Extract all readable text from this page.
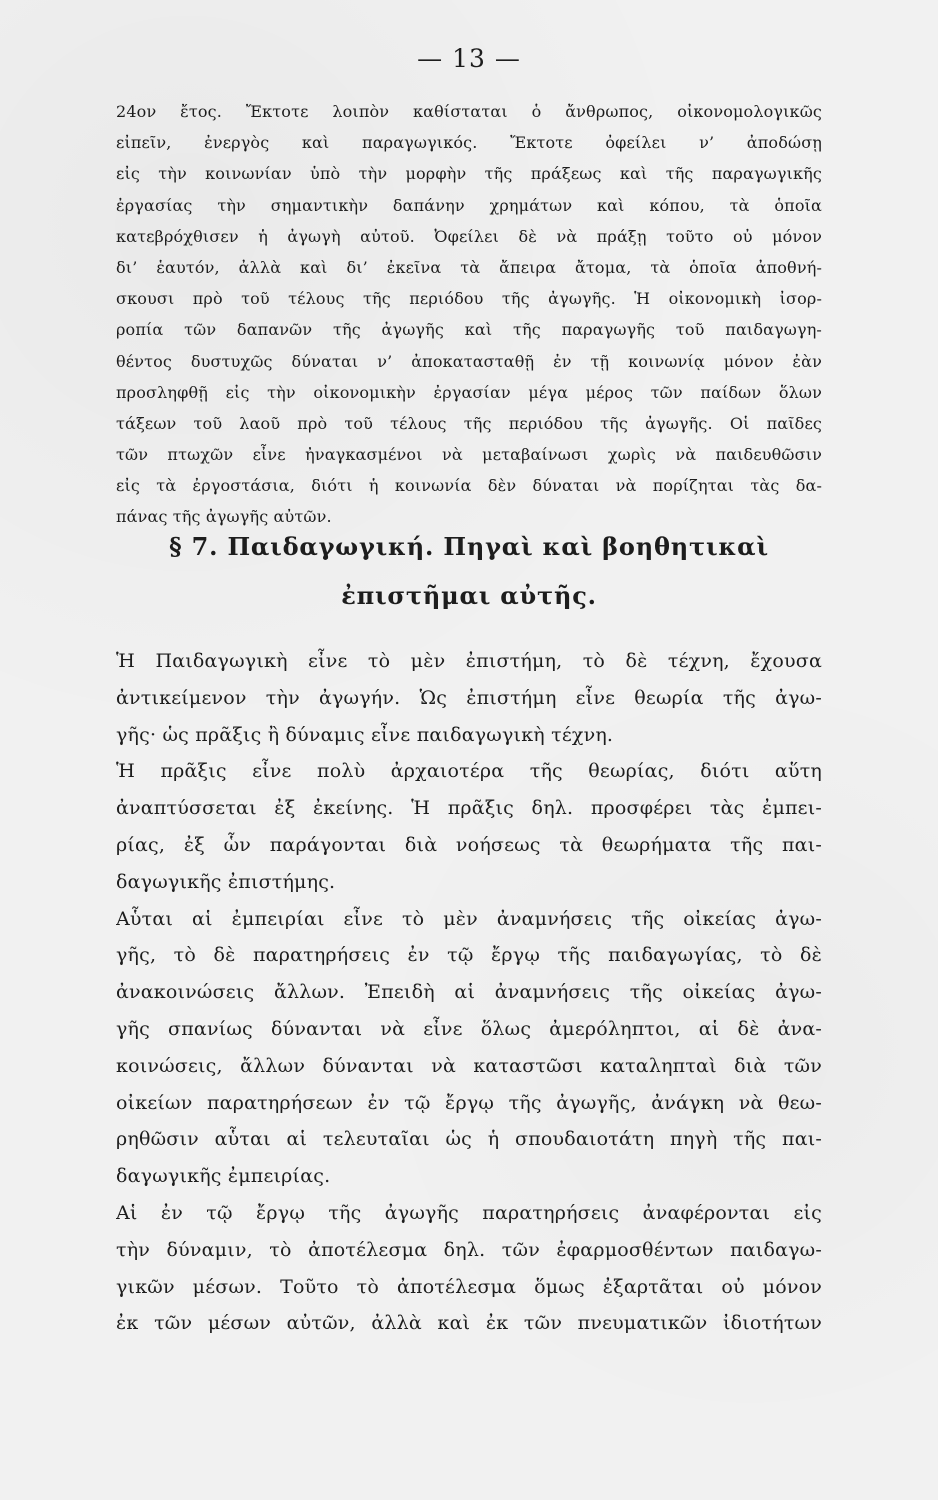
— 13 —
24ον ἔτος. Ἔκτοτε λοιπὸν καθίσταται ὁ ἄνθρωπος, οἰκονομολογικῶς
εἰπεῖν, ἐνεργὸς καὶ παραγωγικός. Ἔκτοτε ὀφείλει ν’ ἀποδώσῃ
εἰς τὴν κοινωνίαν ὑπὸ τὴν μορφὴν τῆς πράξεως καὶ τῆς παραγωγικῆς
ἐργασίας τὴν σημαντικὴν δαπάνην χρημάτων καὶ κόπου, τὰ ὁποῖα
κατεβρόχθισεν ἡ ἀγωγὴ αὐτοῦ. Ὀφείλει δὲ νὰ πράξῃ τοῦτο οὐ μόνον
δι’ ἑαυτόν, ἀλλὰ καὶ δι’ ἐκεῖνα τὰ ἄπειρα ἄτομα, τὰ ὁποῖα ἀποθνή-
σκουσι πρὸ τοῦ τέλους τῆς περιόδου τῆς ἀγωγῆς. Ἡ οἰκονομικὴ ἰσορ-
ροπία τῶν δαπανῶν τῆς ἀγωγῆς καὶ τῆς παραγωγῆς τοῦ παιδαγωγη-
θέντος δυστυχῶς δύναται ν’ ἀποκατασταθῇ ἐν τῇ κοινωνίᾳ μόνον ἐὰν
προσληφθῇ εἰς τὴν οἰκονομικὴν ἐργασίαν μέγα μέρος τῶν παίδων ὅλων
τάξεων τοῦ λαοῦ πρὸ τοῦ τέλους τῆς περιόδου τῆς ἀγωγῆς. Οἱ παῖδες
τῶν πτωχῶν εἶνε ἠναγκασμένοι νὰ μεταβαίνωσι χωρὶς νὰ παιδευθῶσιν
εἰς τὰ ἐργοστάσια, διότι ἡ κοινωνία δὲν δύναται νὰ πορίζηται τὰς δα-
πάνας τῆς ἀγωγῆς αὐτῶν.
§ 7. Παιδαγωγική. Πηγαὶ καὶ βοηθητικαὶ
ἐπιστῆμαι αὐτῆς.
Ἡ Παιδαγωγικὴ εἶνε τὸ μὲν ἐπιστήμη, τὸ δὲ τέχνη, ἔχουσα
ἀντικείμενον τὴν ἀγωγήν. Ὡς ἐπιστήμη εἶνε θεωρία τῆς ἀγω-
γῆς· ὡς πρᾶξις ἢ δύναμις εἶνε παιδαγωγικὴ τέχνη.
Ἡ πρᾶξις εἶνε πολὺ ἀρχαιοτέρα τῆς θεωρίας, διότι αὕτη
ἀναπτύσσεται ἐξ ἐκείνης. Ἡ πρᾶξις δηλ. προσφέρει τὰς ἐμπει-
ρίας, ἐξ ὧν παράγονται διὰ νοήσεως τὰ θεωρήματα τῆς παι-
δαγωγικῆς ἐπιστήμης.
Αὗται αἱ ἐμπειρίαι εἶνε τὸ μὲν ἀναμνήσεις τῆς οἰκείας ἀγω-
γῆς, τὸ δὲ παρατηρήσεις ἐν τῷ ἔργῳ τῆς παιδαγωγίας, τὸ δὲ
ἀνακοινώσεις ἄλλων. Ἐπειδὴ αἱ ἀναμνήσεις τῆς οἰκείας ἀγω-
γῆς σπανίως δύνανται νὰ εἶνε ὅλως ἀμερόληπτοι, αἱ δὲ ἀνα-
κοινώσεις, ἄλλων δύνανται νὰ καταστῶσι καταληπταὶ διὰ τῶν
οἰκείων παρατηρήσεων ἐν τῷ ἔργῳ τῆς ἀγωγῆς, ἀνάγκη νὰ θεω-
ρηθῶσιν αὗται αἱ τελευταῖαι ὡς ἡ σπουδαιοτάτη πηγὴ τῆς παι-
δαγωγικῆς ἐμπειρίας.
Αἱ ἐν τῷ ἔργῳ τῆς ἀγωγῆς παρατηρήσεις ἀναφέρονται εἰς
τὴν δύναμιν, τὸ ἀποτέλεσμα δηλ. τῶν ἐφαρμοσθέντων παιδαγω-
γικῶν μέσων. Τοῦτο τὸ ἀποτέλεσμα ὅμως ἐξαρτᾶται οὐ μόνον
ἐκ τῶν μέσων αὐτῶν, ἀλλὰ καὶ ἐκ τῶν πνευματικῶν ἰδιοτήτων
